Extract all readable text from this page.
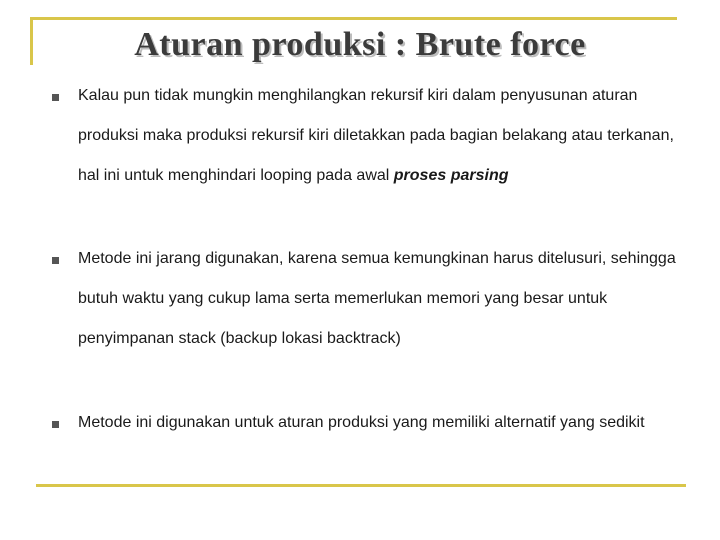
Aturan produksi : Brute force

Kalau pun tidak mungkin menghilangkan rekursif kiri dalam penyusunan aturan produksi maka produksi rekursif kiri diletakkan pada bagian belakang atau terkanan, hal ini untuk menghindari looping pada awal proses parsing

Metode ini jarang digunakan, karena semua kemungkinan harus ditelusuri, sehingga butuh waktu yang cukup lama serta memerlukan memori yang besar untuk penyimpanan stack (backup lokasi backtrack)

Metode ini digunakan untuk aturan produksi yang memiliki alternatif yang sedikit
